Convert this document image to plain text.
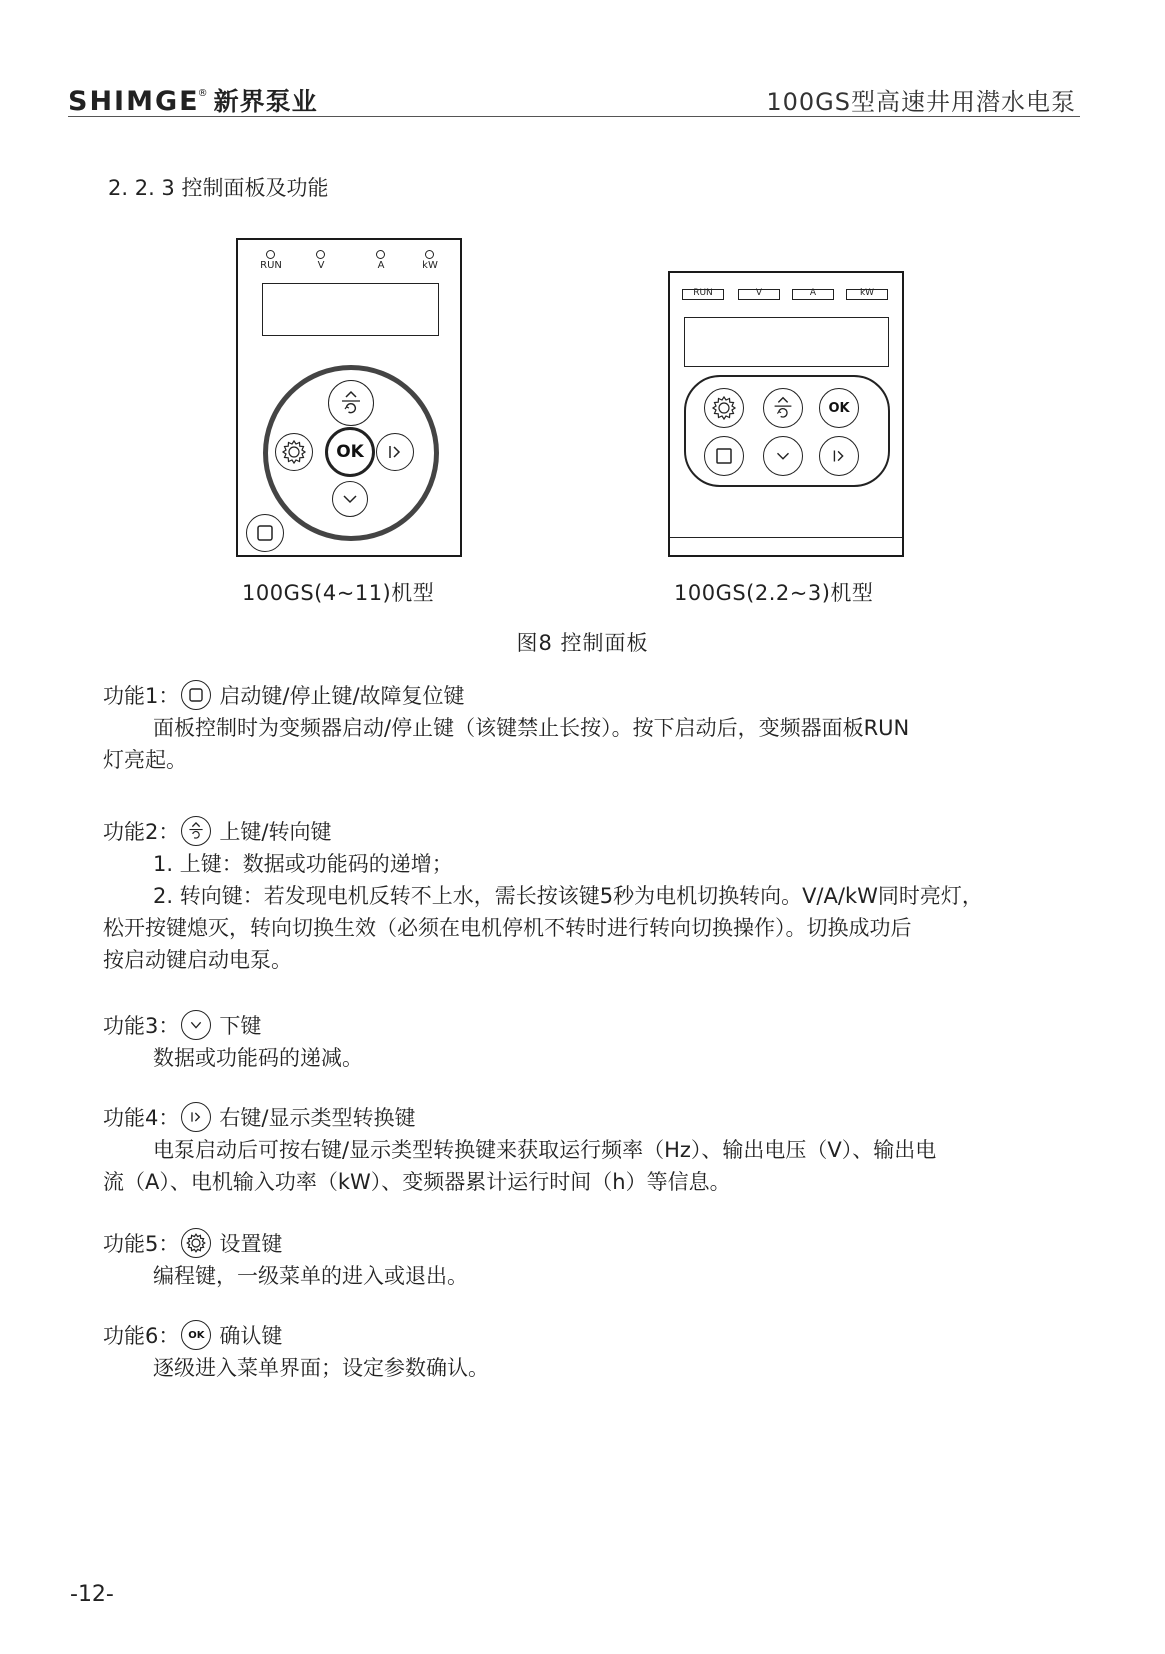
SHIMGE® 新界泵业	100GS型高速井用潜水电泵
2. 2. 3 控制面板及功能
RUN	V	A	kW
OK
100GS(4~11)机型
RUN	V	A	kW
OK
100GS(2.2~3)机型
图8 控制面板
功能1： 启动键/停止键/故障复位键
面板控制时为变频器启动/停止键（该键禁止长按）。按下启动后，变频器面板RUN
灯亮起。
功能2： 上键/转向键
1. 上键：数据或功能码的递增；
2. 转向键：若发现电机反转不上水，需长按该键5秒为电机切换转向。V/A/kW同时亮灯，
松开按键熄灭，转向切换生效（必须在电机停机不转时进行转向切换操作）。切换成功后
按启动键启动电泵。
功能3： 下键
数据或功能码的递减。
功能4： 右键/显示类型转换键
电泵启动后可按右键/显示类型转换键来获取运行频率（Hz）、输出电压（V）、输出电
流（A）、电机输入功率（kW）、变频器累计运行时间（h）等信息。
功能5： 设置键
编程键，一级菜单的进入或退出。
功能6： OK 确认键
逐级进入菜单界面；设定参数确认。
-12-
